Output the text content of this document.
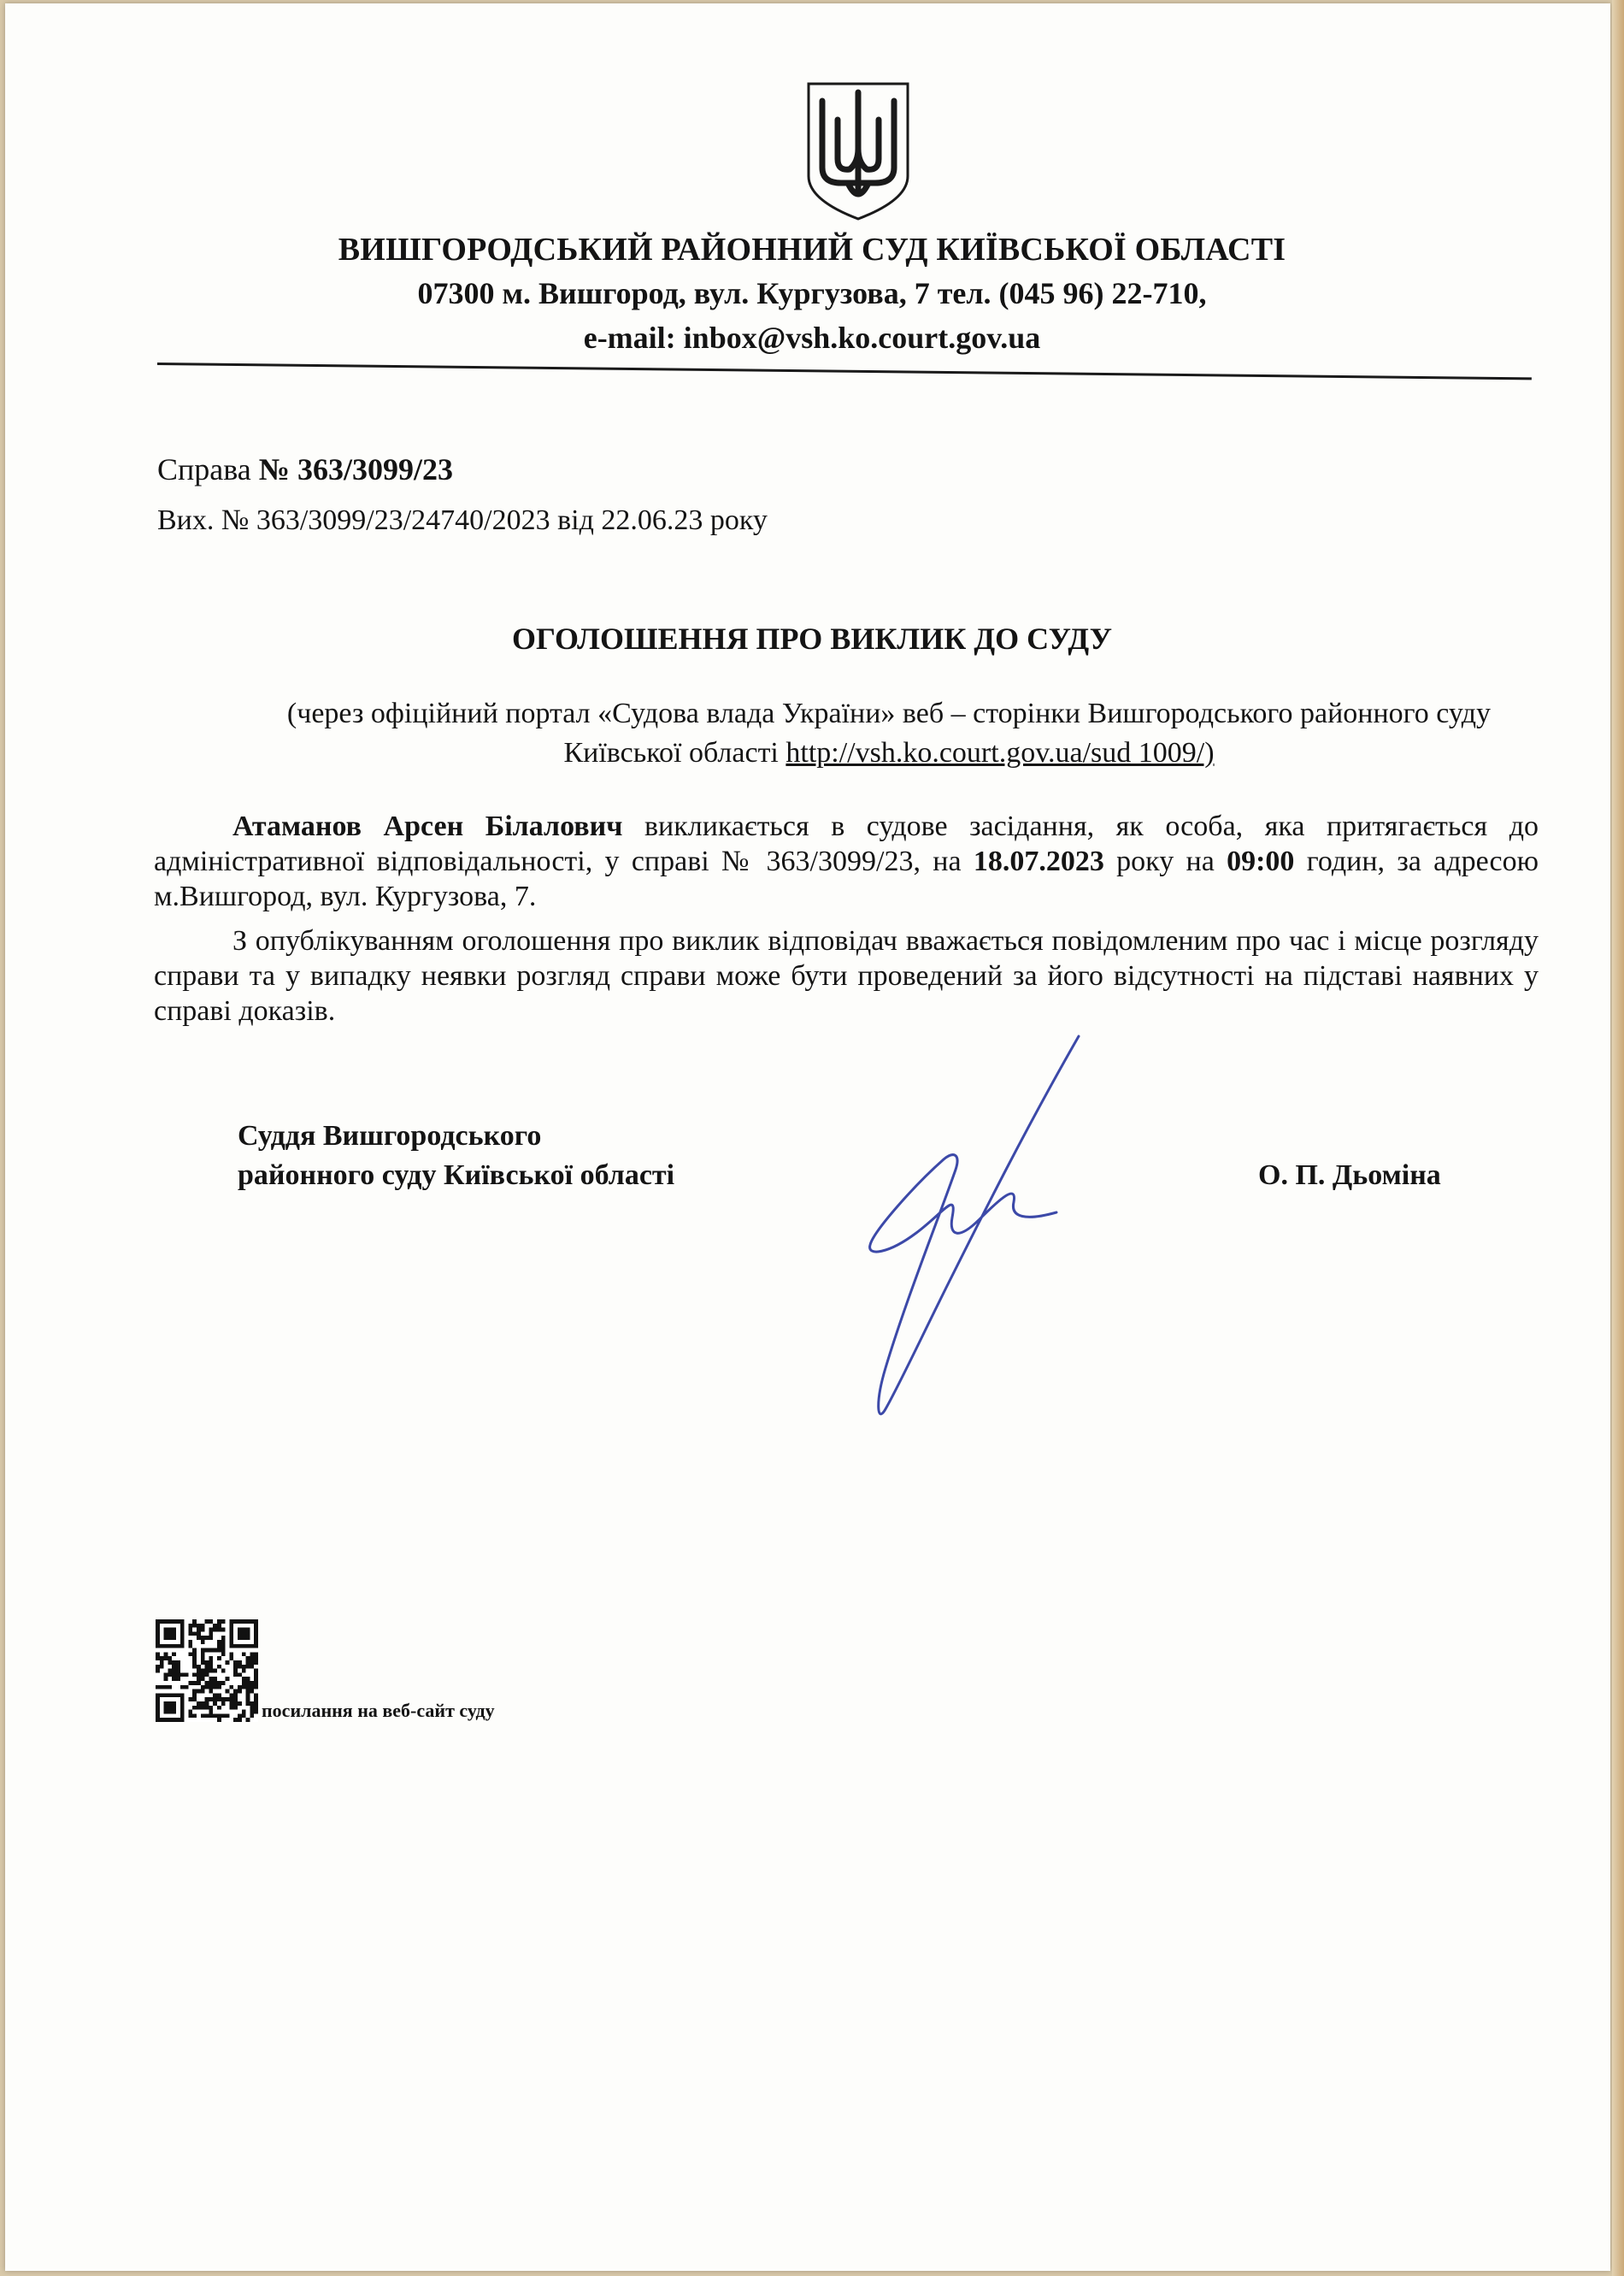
ВИШГОРОДСЬКИЙ РАЙОННИЙ СУД КИЇВСЬКОЇ ОБЛАСТІ
07300 м. Вишгород, вул. Кургузова, 7 тел. (045 96) 22-710,
e-mail: inbox@vsh.ko.court.gov.ua
Справа № 363/3099/23
Вих. № 363/3099/23/24740/2023 від 22.06.23 року
ОГОЛОШЕННЯ ПРО ВИКЛИК ДО СУДУ
(через офіційний портал «Судова влада України» веб – сторінки Вишгородського районного суду Київської області http://vsh.ko.court.gov.ua/sud 1009/)
Атаманов Арсен Білалович викликається в судове засідання, як особа, яка притягається до адміністративної відповідальності, у справі № 363/3099/23, на 18.07.2023 року на 09:00 годин, за адресою м.Вишгород, вул. Кургузова, 7.
З опублікуванням оголошення про виклик відповідач вважається повідомленим про час і місце розгляду справи та у випадку неявки розгляд справи може бути проведений за його відсутності на підставі наявних у справі доказів.
Суддя Вишгородського
районного суду Київської області	О. П. Дьоміна
посилання на веб-сайт суду
